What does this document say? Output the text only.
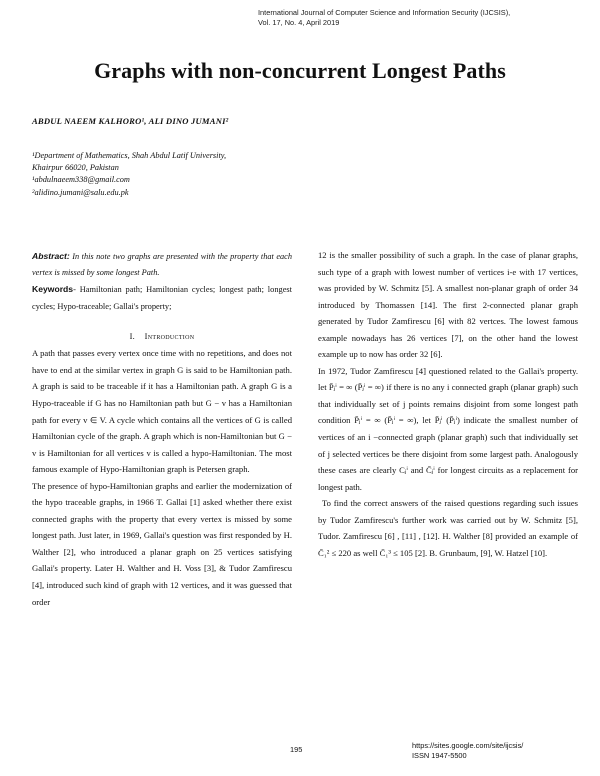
International Journal of Computer Science and Information Security (IJCSIS),
Vol. 17, No. 4, April 2019
Graphs with non-concurrent Longest Paths
ABDUL NAEEM KALHORO¹, ALI DINO JUMANI²
¹Department of Mathematics, Shah Abdul Latif University,
Khairpur 66020, Pakistan
¹abdulnaeem338@gmail.com
²alidino.jumani@salu.edu.pk

Abstract: In this note two graphs are presented with the property that each vertex is missed by some longest Path.

Keywords- Hamiltonian path; Hamiltonian cycles; longest path; longest cycles; Hypo-traceable; Gallai's property;

I. Introduction

A path that passes every vertex once time with no repetitions, and does not have to end at the similar vertex in graph G is said to be Hamiltonian path. A graph is said to be traceable if it has a Hamiltonian path. A graph G is a Hypo-traceable if G has no Hamiltonian path but G − v has a Hamiltonian path for every v ∈ V. A cycle which contains all the vertices of G is called Hamiltonian cycle of the graph. A graph which is non-Hamiltonian but G − v is Hamiltonian for all vertices v is called a hypo-Hamiltonian. The most famous example of Hypo-Hamiltonian graph is Petersen graph.

The presence of hypo-Hamiltonian graphs and earlier the modernization of the hypo traceable graphs, in 1966 T. Gallai [1] asked whether there exist connected graphs with the property that every vertex is missed by some longest path. Just later, in 1969, Gallai's question was first responded by H. Walther [2], who introduced a planar graph on 25 vertices satisfying Gallai's property. Later H. Walther and H. Voss [3], & Tudor Zamfirescu [4], introduced such kind of graph with 12 vertices, and it was guessed that order

12 is the smaller possibility of such a graph. In the case of planar graphs, such type of a graph with lowest number of vertices i-e with 17 vertices, was provided by W. Schmitz [5]. A smallest non-planar graph of order 34 introduced by Thomassen [14]. The first 2-connected planar graph generated by Tudor Zamfirescu [6] with 82 vertces. The lowest famous example nowadays has 26 vertices [7], on the other hand the lowest example up to now has order 32 [6].

In 1972, Tudor Zamfirescu [4] questioned related to the Gallai's property. let P̄ⱼⁱ = ∞ (P̄ⱼⁱ = ∞) if there is no any i connected graph (planar graph) such that individually set of j points remains disjoint from some longest path condition P̄ⱼⁱ = ∞ (P̄ⱼⁱ = ∞), let P̄ⱼⁱ (P̄ⱼⁱ) indicate the smallest number of vertices of an i −connected graph (planar graph) such that individually set of j selected vertices be there disjoint from some largest path. Analogously these cases are clearly Cⱼⁱ and C̄ⱼⁱ for longest circuits as a replacement for longest path.

To find the correct answers of the raised questions regarding such issues by Tudor Zamfirescu's further work was carried out by W. Schmitz [5], Tudor. Zamfirescu [6] , [11] , [12]. H. Walther [8] provided an example of C̄₁² ≤ 220 as well C̄₁³ ≤ 105 [2]. B. Grunbaum, [9], W. Hatzel [10].

195	https://sites.google.com/site/ijcsis/
ISSN 1947-5500
